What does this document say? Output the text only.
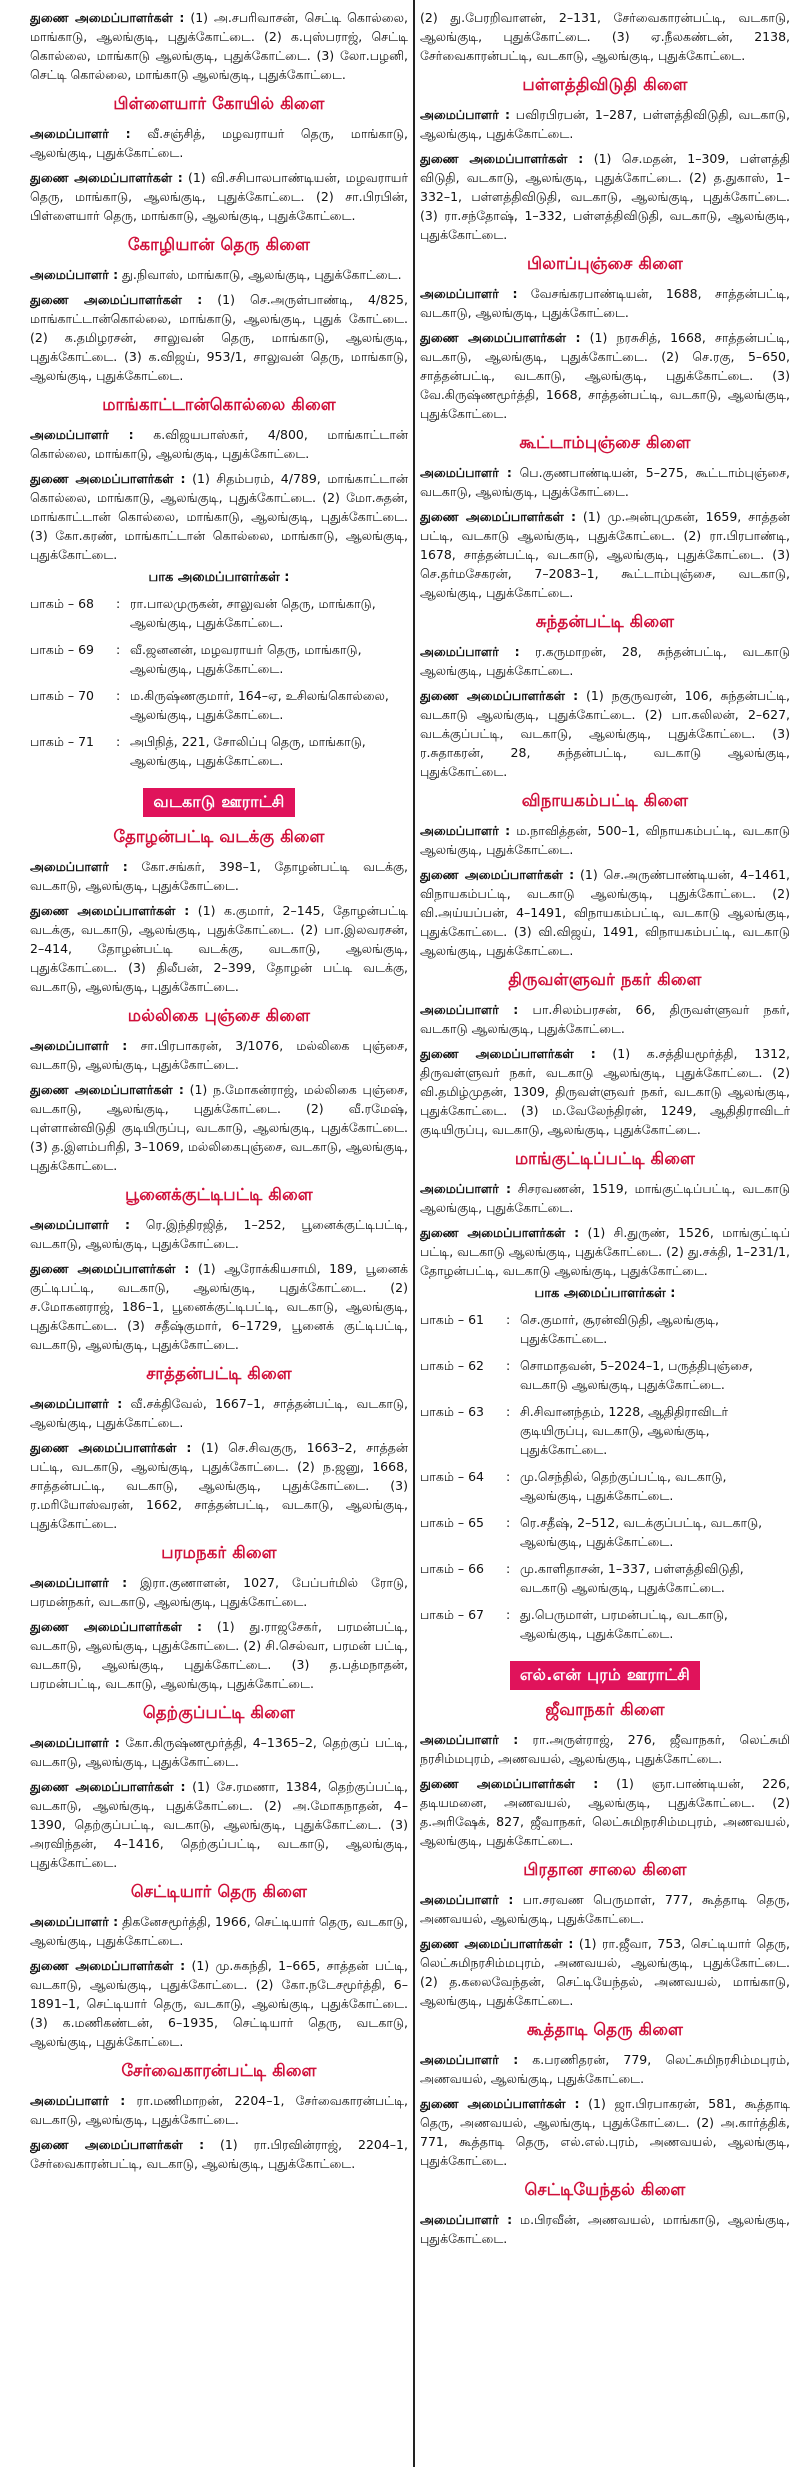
துணை அமைப்பாளர்கள் : (1) அ.சபரிவாசன், செட்டி கொல்லை, மாங்காடு, ஆலங்குடி, புதுக்கோட்டை. (2) க.புஸ்பராஜ், செட்டி கொல்லை, மாங்காடு ஆலங்குடி, புதுக்கோட்டை. (3) லோ.பழனி, செட்டி கொல்லை, மாங்காடு ஆலங்குடி, புதுக்கோட்டை.

பிள்ளையார் கோயில் கிளை

அமைப்பாளர் : வீ.சஞ்சித், மழவராயர் தெரு, மாங்காடு, ஆலங்குடி, புதுக்கோட்டை.

துணை அமைப்பாளர்கள் : (1) வி.சசிபாலபாண்டியன், மழவராயர் தெரு, மாங்காடு, ஆலங்குடி, புதுக்கோட்டை. (2) சா.பிரபின், பிள்ளையார் தெரு, மாங்காடு, ஆலங்குடி, புதுக்கோட்டை.

கோழியான் தெரு கிளை

அமைப்பாளர் : து.நிவாஸ், மாங்காடு, ஆலங்குடி, புதுக்கோட்டை.

துணை அமைப்பாளர்கள் : (1) செ.அருள்பாண்டி, 4/825, மாங்காட்டான்கொல்லை, மாங்காடு, ஆலங்குடி, புதுக் கோட்டை. (2) க.தமிழரசன், சாலுவன் தெரு, மாங்காடு, ஆலங்குடி, புதுக்கோட்டை. (3) க.விஜய், 953/1, சாலுவன் தெரு, மாங்காடு, ஆலங்குடி, புதுக்கோட்டை.

மாங்காட்டான்கொல்லை கிளை

அமைப்பாளர் : க.விஜயபாஸ்கர், 4/800, மாங்காட்டான் கொல்லை, மாங்காடு, ஆலங்குடி, புதுக்கோட்டை.

துணை அமைப்பாளர்கள் : (1) சிதம்பரம், 4/789, மாங்காட்டான் கொல்லை, மாங்காடு, ஆலங்குடி, புதுக்கோட்டை. (2) மோ.சுதன், மாங்காட்டான் கொல்லை, மாங்காடு, ஆலங்குடி, புதுக்கோட்டை. (3) கோ.கரண், மாங்காட்டான் கொல்லை, மாங்காடு, ஆலங்குடி, புதுக்கோட்டை.

பாக அமைப்பாளர்கள் :
பாகம் – 68	: ரா.பாலமுருகன், சாலுவன் தெரு, மாங்காடு, ஆலங்குடி, புதுக்கோட்டை.
பாகம் – 69	: வீ.ஜனனன், மழவராயர் தெரு, மாங்காடு, ஆலங்குடி, புதுக்கோட்டை.
பாகம் – 70	: ம.கிருஷ்ணகுமார், 164–ஏ, உசிலங்கொல்லை, ஆலங்குடி, புதுக்கோட்டை.
பாகம் – 71	: அபிநித், 221, சோலிப்பு தெரு, மாங்காடு, ஆலங்குடி, புதுக்கோட்டை.
வடகாடு ஊராட்சி
தோழன்பட்டி வடக்கு கிளை

அமைப்பாளர் : கோ.சங்கர், 398–1, தோழன்பட்டி வடக்கு, வடகாடு, ஆலங்குடி, புதுக்கோட்டை.

துணை அமைப்பாளர்கள் : (1) க.குமார், 2–145, தோழன்பட்டி வடக்கு, வடகாடு, ஆலங்குடி, புதுக்கோட்டை. (2) பா.இலவரசன், 2–414, தோழன்பட்டி வடக்கு, வடகாடு, ஆலங்குடி, புதுக்கோட்டை. (3) திலீபன், 2–399, தோழன் பட்டி வடக்கு, வடகாடு, ஆலங்குடி, புதுக்கோட்டை.

மல்லிகை புஞ்சை கிளை

அமைப்பாளர் : சா.பிரபாகரன், 3/1076, மல்லிகை புஞ்சை, வடகாடு, ஆலங்குடி, புதுக்கோட்டை.

துணை அமைப்பாளர்கள் : (1) ந.மோகன்ராஜ், மல்லிகை புஞ்சை, வடகாடு, ஆலங்குடி, புதுக்கோட்டை. (2) வீ.ரமேஷ், புள்ளான்விடுதி குடியிருப்பு, வடகாடு, ஆலங்குடி, புதுக்கோட்டை. (3) த.இளம்பரிதி, 3–1069, மல்லிகைபுஞ்சை, வடகாடு, ஆலங்குடி, புதுக்கோட்டை.

பூனைக்குட்டிபட்டி கிளை

அமைப்பாளர் : ரெ.இந்திரஜித், 1–252, பூனைக்குட்டிபட்டி, வடகாடு, ஆலங்குடி, புதுக்கோட்டை.

துணை அமைப்பாளர்கள் : (1) ஆரோக்கியசாமி, 189, பூனைக் குட்டிபட்டி, வடகாடு, ஆலங்குடி, புதுக்கோட்டை. (2) ச.மோகனராஜ், 186–1, பூனைக்குட்டிபட்டி, வடகாடு, ஆலங்குடி, புதுக்கோட்டை. (3) சதீஷ்குமார், 6–1729, பூனைக் குட்டிபட்டி, வடகாடு, ஆலங்குடி, புதுக்கோட்டை.

சாத்தன்பட்டி கிளை

அமைப்பாளர் : வீ.சக்திவேல், 1667–1, சாத்தன்பட்டி, வடகாடு, ஆலங்குடி, புதுக்கோட்டை.

துணை அமைப்பாளர்கள் : (1) செ.சிவகுரு, 1663–2, சாத்தன் பட்டி, வடகாடு, ஆலங்குடி, புதுக்கோட்டை. (2) ந.ஜனு, 1668, சாத்தன்பட்டி, வடகாடு, ஆலங்குடி, புதுக்கோட்டை. (3) ர.மரியோஸ்வரன், 1662, சாத்தன்பட்டி, வடகாடு, ஆலங்குடி, புதுக்கோட்டை.

பரமநகர் கிளை

அமைப்பாளர் : இரா.குணாளன், 1027, பேப்பர்மில் ரோடு, பரமன்நகர், வடகாடு, ஆலங்குடி, புதுக்கோட்டை.

துணை அமைப்பாளர்கள் : (1) து.ராஜசேகர், பரமன்பட்டி, வடகாடு, ஆலங்குடி, புதுக்கோட்டை. (2) சி.செல்வா, பரமன் பட்டி, வடகாடு, ஆலங்குடி, புதுக்கோட்டை. (3) த.பத்மநாதன், பரமன்பட்டி, வடகாடு, ஆலங்குடி, புதுக்கோட்டை.

தெற்குப்பட்டி கிளை

அமைப்பாளர் : கோ.கிருஷ்ணமூர்த்தி, 4–1365–2, தெற்குப் பட்டி, வடகாடு, ஆலங்குடி, புதுக்கோட்டை.

துணை அமைப்பாளர்கள் : (1) சே.ரமணா, 1384, தெற்குப்பட்டி, வடகாடு, ஆலங்குடி, புதுக்கோட்டை. (2) அ.மோகநாதன், 4–1390, தெற்குப்பட்டி, வடகாடு, ஆலங்குடி, புதுக்கோட்டை. (3) அரவிந்தன், 4–1416, தெற்குப்பட்டி, வடகாடு, ஆலங்குடி, புதுக்கோட்டை.

செட்டியார் தெரு கிளை

அமைப்பாளர் : திகனேசமூர்த்தி, 1966, செட்டியார் தெரு, வடகாடு, ஆலங்குடி, புதுக்கோட்டை.

துணை அமைப்பாளர்கள் : (1) மு.சுகந்தி, 1–665, சாத்தன் பட்டி, வடகாடு, ஆலங்குடி, புதுக்கோட்டை. (2) கோ.நடேசமூர்த்தி, 6–1891–1, செட்டியார் தெரு, வடகாடு, ஆலங்குடி, புதுக்கோட்டை. (3) க.மணிகண்டன், 6–1935, செட்டியார் தெரு, வடகாடு, ஆலங்குடி, புதுக்கோட்டை.

சேர்வைகாரன்பட்டி கிளை

அமைப்பாளர் : ரா.மணிமாறன், 2204–1, சேர்வைகாரன்பட்டி, வடகாடு, ஆலங்குடி, புதுக்கோட்டை.

துணை அமைப்பாளர்கள் : (1) ரா.பிரவின்ராஜ், 2204–1, சேர்வைகாரன்பட்டி, வடகாடு, ஆலங்குடி, புதுக்கோட்டை.

(2) து.பேரறிவாளன், 2–131, சேர்வைகாரன்பட்டி, வடகாடு, ஆலங்குடி, புதுக்கோட்டை. (3) ஏ.நீலகண்டன், 2138, சேர்வைகாரன்பட்டி, வடகாடு, ஆலங்குடி, புதுக்கோட்டை.

பள்ளத்திவிடுதி கிளை

அமைப்பாளர் : பவிரபிரபன், 1–287, பள்ளத்திவிடுதி, வடகாடு, ஆலங்குடி, புதுக்கோட்டை.

துணை அமைப்பாளர்கள் : (1) செ.மதன், 1–309, பள்ளத்தி விடுதி, வடகாடு, ஆலங்குடி, புதுக்கோட்டை. (2) த.துகாஸ், 1–332–1, பள்ளத்திவிடுதி, வடகாடு, ஆலங்குடி, புதுக்கோட்டை. (3) ரா.சந்தோஷ், 1–332, பள்ளத்திவிடுதி, வடகாடு, ஆலங்குடி, புதுக்கோட்டை.

பிலாப்புஞ்சை கிளை

அமைப்பாளர் : வேசங்கரபாண்டியன், 1688, சாத்தன்பட்டி, வடகாடு, ஆலங்குடி, புதுக்கோட்டை.

துணை அமைப்பாளர்கள் : (1) நரசுசித், 1668, சாத்தன்பட்டி, வடகாடு, ஆலங்குடி, புதுக்கோட்டை. (2) செ.ரகு, 5–650, சாத்தன்பட்டி, வடகாடு, ஆலங்குடி, புதுக்கோட்டை. (3) வே.கிருஷ்ணமூர்த்தி, 1668, சாத்தன்பட்டி, வடகாடு, ஆலங்குடி, புதுக்கோட்டை.

கூட்டாம்புஞ்சை கிளை

அமைப்பாளர் : பெ.குணபாண்டியன், 5–275, கூட்டாம்புஞ்சை, வடகாடு, ஆலங்குடி, புதுக்கோட்டை.

துணை அமைப்பாளர்கள் : (1) மு.அன்புமுகன், 1659, சாத்தன் பட்டி, வடகாடு ஆலங்குடி, புதுக்கோட்டை. (2) ரா.பிரபாண்டி, 1678, சாத்தன்பட்டி, வடகாடு, ஆலங்குடி, புதுக்கோட்டை. (3) செ.தர்மசேகரன், 7–2083–1, கூட்டாம்புஞ்சை, வடகாடு, ஆலங்குடி, புதுக்கோட்டை.

சுந்தன்பட்டி கிளை

அமைப்பாளர் : ர.கருமாறன், 28, சுந்தன்பட்டி, வடகாடு ஆலங்குடி, புதுக்கோட்டை.

துணை அமைப்பாளர்கள் : (1) நகுருவரன், 106, சுந்தன்பட்டி, வடகாடு ஆலங்குடி, புதுக்கோட்டை. (2) பா.கலிலன், 2–627, வடக்குப்பட்டி, வடகாடு, ஆலங்குடி, புதுக்கோட்டை. (3) ர.சுதாகரன், 28, சுந்தன்பட்டி, வடகாடு ஆலங்குடி, புதுக்கோட்டை.

விநாயகம்பட்டி கிளை

அமைப்பாளர் : ம.நாவித்தன், 500–1, விநாயகம்பட்டி, வடகாடு ஆலங்குடி, புதுக்கோட்டை.

துணை அமைப்பாளர்கள் : (1) செ.அருண்பாண்டியன், 4–1461, விநாயகம்பட்டி, வடகாடு ஆலங்குடி, புதுக்கோட்டை. (2) வி.அய்யப்பன், 4–1491, விநாயகம்பட்டி, வடகாடு ஆலங்குடி, புதுக்கோட்டை. (3) வி.விஜய், 1491, விநாயகம்பட்டி, வடகாடு ஆலங்குடி, புதுக்கோட்டை.

திருவள்ளுவர் நகர் கிளை

அமைப்பாளர் : பா.சிலம்பரசன், 66, திருவள்ளுவர் நகர், வடகாடு ஆலங்குடி, புதுக்கோட்டை.

துணை அமைப்பாளர்கள் : (1) க.சத்தியமூர்த்தி, 1312, திருவள்ளுவர் நகர், வடகாடு ஆலங்குடி, புதுக்கோட்டை. (2) வி.தமிழ்முதன், 1309, திருவள்ளுவர் நகர், வடகாடு ஆலங்குடி, புதுக்கோட்டை. (3) ம.வேலேந்திரன், 1249, ஆதிதிராவிடர் குடியிருப்பு, வடகாடு, ஆலங்குடி, புதுக்கோட்டை.

மாங்குட்டிப்பட்டி கிளை

அமைப்பாளர் : சிசரவணன், 1519, மாங்குட்டிப்பட்டி, வடகாடு ஆலங்குடி, புதுக்கோட்டை.

துணை அமைப்பாளர்கள் : (1) சி.துருண், 1526, மாங்குட்டிப் பட்டி, வடகாடு ஆலங்குடி, புதுக்கோட்டை. (2) து.சக்தி, 1–231/1, தோழன்பட்டி, வடகாடு ஆலங்குடி, புதுக்கோட்டை.

பாக அமைப்பாளர்கள் :
பாகம் – 61	: செ.குமார், சூரன்விடுதி, ஆலங்குடி, புதுக்கோட்டை.
பாகம் – 62	: சொமாதவன், 5–2024–1, பருத்திபுஞ்சை, வடகாடு ஆலங்குடி, புதுக்கோட்டை.
பாகம் – 63	: சி.சிவானந்தம், 1228, ஆதிதிராவிடர் குடியிருப்பு, வடகாடு, ஆலங்குடி, புதுக்கோட்டை.
பாகம் – 64	: மு.செந்தில், தெற்குப்பட்டி, வடகாடு, ஆலங்குடி, புதுக்கோட்டை.
பாகம் – 65	: ரெ.சதீஷ், 2–512, வடக்குப்பட்டி, வடகாடு, ஆலங்குடி, புதுக்கோட்டை.
பாகம் – 66	: மு.காளிதாசன், 1–337, பள்ளத்திவிடுதி, வடகாடு ஆலங்குடி, புதுக்கோட்டை.
பாகம் – 67	: து.பெருமாள், பரமன்பட்டி, வடகாடு, ஆலங்குடி, புதுக்கோட்டை.
எல்.என் புரம் ஊராட்சி
ஜீவாநகர் கிளை

அமைப்பாளர் : ரா.அருள்ராஜ், 276, ஜீவாநகர், லெட்சுமி நரசிம்மபுரம், அணவயல், ஆலங்குடி, புதுக்கோட்டை.

துணை அமைப்பாளர்கள் : (1) ஞா.பாண்டியன், 226, தடியமனை, அணவயல், ஆலங்குடி, புதுக்கோட்டை. (2) த.அரிஷேக், 827, ஜீவாநகர், லெட்சுமிநரசிம்மபுரம், அணவயல், ஆலங்குடி, புதுக்கோட்டை.

பிரதான சாலை கிளை

அமைப்பாளர் : பா.சரவண பெருமாள், 777, கூத்தாடி தெரு, அணவயல், ஆலங்குடி, புதுக்கோட்டை.

துணை அமைப்பாளர்கள் : (1) ரா.ஜீவா, 753, செட்டியார் தெரு, லெட்சுமிநரசிம்மபுரம், அணவயல், ஆலங்குடி, புதுக்கோட்டை. (2) த.கலைவேந்தன், செட்டியேந்தல், அணவயல், மாங்காடு, ஆலங்குடி, புதுக்கோட்டை.

கூத்தாடி தெரு கிளை

அமைப்பாளர் : க.பரணிதரன், 779, லெட்சுமிநரசிம்மபுரம், அணவயல், ஆலங்குடி, புதுக்கோட்டை.

துணை அமைப்பாளர்கள் : (1) ஜா.பிரபாகரன், 581, கூத்தாடி தெரு, அணவயல், ஆலங்குடி, புதுக்கோட்டை. (2) அ.கார்த்திக், 771, கூத்தாடி தெரு, எல்.எல்.புரம், அணவயல், ஆலங்குடி, புதுக்கோட்டை.

செட்டியேந்தல் கிளை

அமைப்பாளர் : ம.பிரவீன், அணவயல், மாங்காடு, ஆலங்குடி, புதுக்கோட்டை.
